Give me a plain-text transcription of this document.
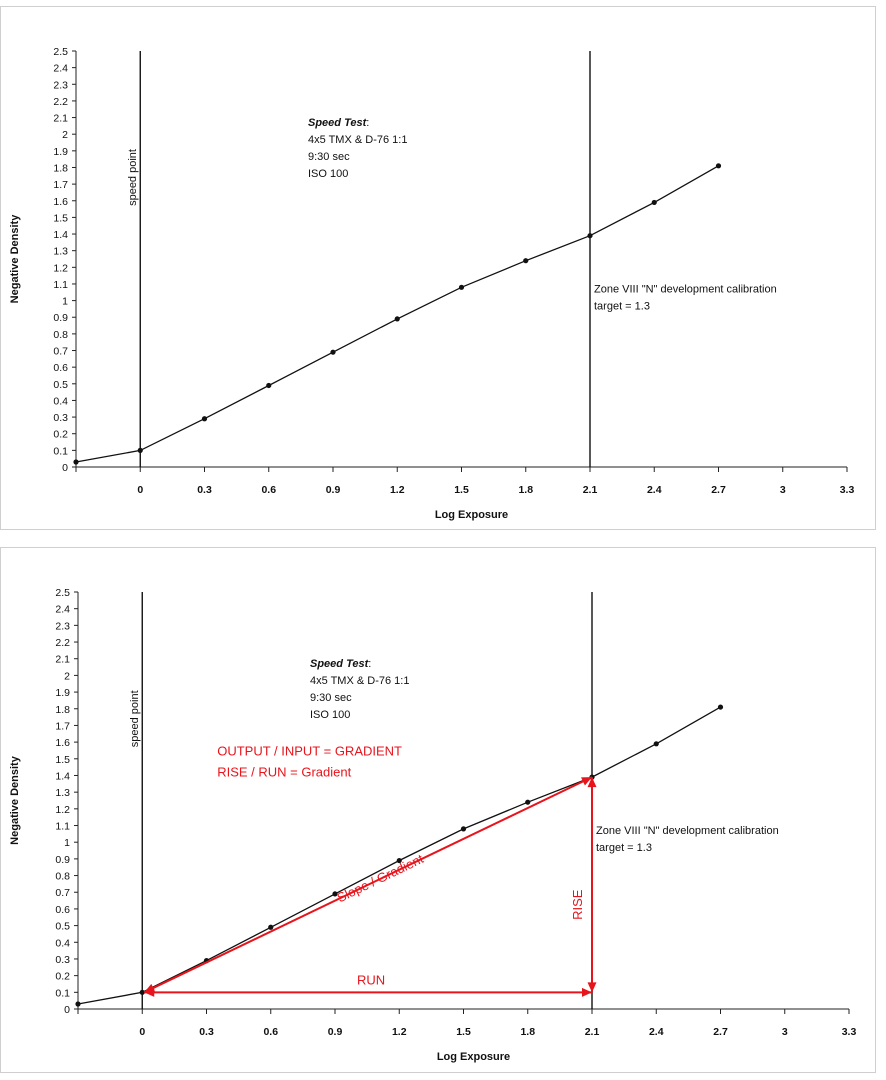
0
0.1
0.2
0.3
0.4
0.5
0.6
0.7
0.8
0.9
1
1.1
1.2
1.3
1.4
1.5
1.6
1.7
1.8
1.9
2
2.1
2.2
2.3
2.4
2.5
0	0.3	0.6	0.9	1.2	1.5	1.8	2.1	2.4	2.7	3	3.3
Log Exposure
Negative Density
speed point
Speed Test:
4x5 TMX & D-76 1:1
9:30 sec
ISO 100
Zone VIII "N" development calibration
target = 1.3
0
0.1
0.2
0.3
0.4
0.5
0.6
0.7
0.8
0.9
1
1.1
1.2
1.3
1.4
1.5
1.6
1.7
1.8
1.9
2
2.1
2.2
2.3
2.4
2.5
0	0.3	0.6	0.9	1.2	1.5	1.8	2.1	2.4	2.7	3	3.3
Log Exposure
Negative Density
speed point
Speed Test:
4x5 TMX & D-76 1:1
9:30 sec
ISO 100
Zone VIII "N" development calibration
target = 1.3
RUN
RISE
Slope / Gradient
OUTPUT / INPUT = GRADIENT
RISE / RUN = Gradient
